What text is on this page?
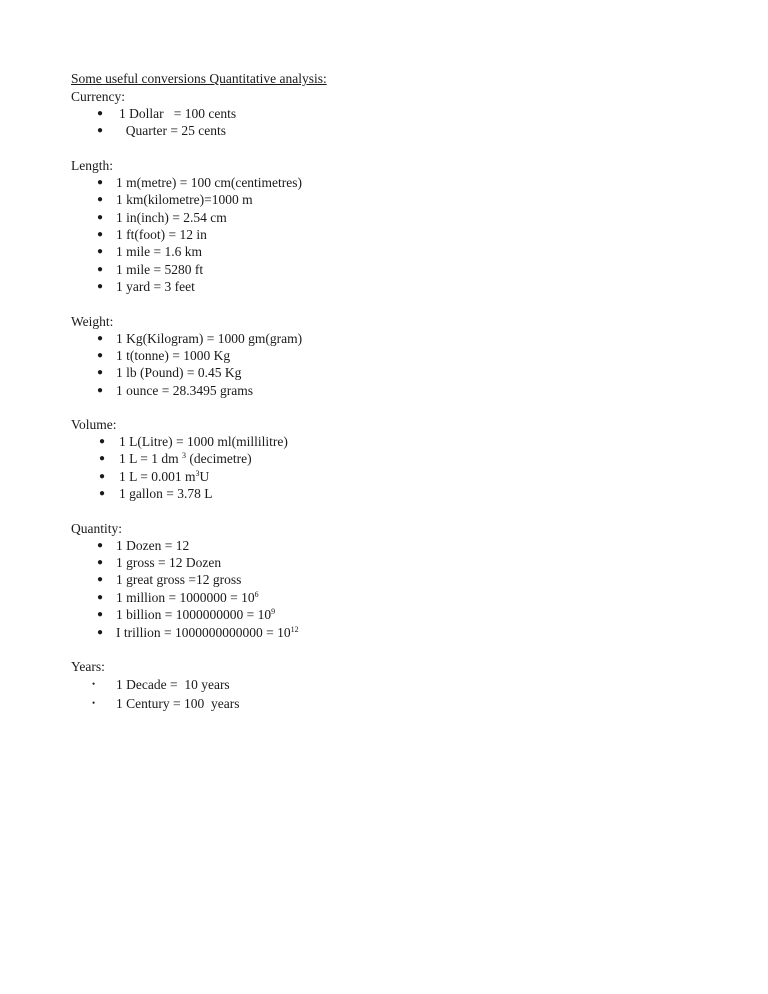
Some useful conversions Quantitative analysis:
Currency:
● 1 Dollar   = 100 cents
● Quarter = 25 cents
Length:
● 1 m(metre) = 100 cm(centimetres)
● 1 km(kilometre)=1000 m
● 1 in(inch) = 2.54 cm
● 1 ft(foot) = 12 in
● 1 mile = 1.6 km
● 1 mile = 5280 ft
● 1 yard = 3 feet
Weight:
● 1 Kg(Kilogram) = 1000 gm(gram)
● 1 t(tonne) = 1000 Kg
● 1 lb (Pound) = 0.45 Kg
● 1 ounce = 28.3495 grams
Volume:
● 1 L(Litre) = 1000 ml(millilitre)
● 1 L = 1 dm $^3$ (decimetre)
● 1 L = 0.001 $m^3U$
● 1 gallon = 3.78 L
Quantity:
● 1 Dozen = 12
● 1 gross = 12 Dozen
● 1 great gross =12 gross
● 1 million = $1000000 = 10^6$
● 1 billion = $1000000000 = 10^9$
● I trillion = $1000000000000 = 10^{12}$
Years:
• 1 Decade =  10 years
• 1 Century = 100  years
